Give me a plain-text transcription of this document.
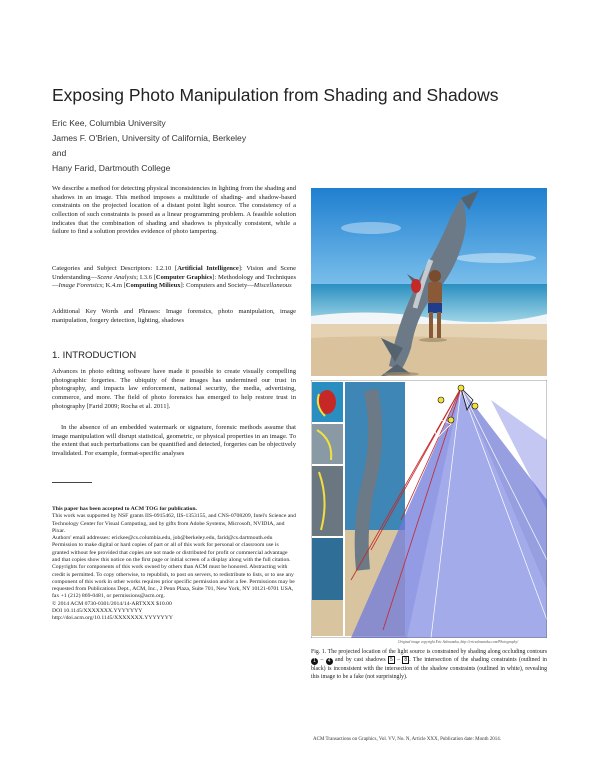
Exposing Photo Manipulation from Shading and Shadows
Eric Kee, Columbia University
James F. O'Brien, University of California, Berkeley
and
Hany Farid, Dartmouth College

We describe a method for detecting physical inconsistencies in lighting from the shading and shadows in an image. This method imposes a multitude of shading- and shadow-based constraints on the projected location of a distant point light source. The consistency of a collection of such constraints is posed as a linear programming problem. A feasible solution indicates that the combination of shading and shadows is physically consistent, while a failure to find a solution provides evidence of photo tampering.

Categories and Subject Descriptors: I.2.10 [Artificial Intelligence]: Vision and Scene Understanding—Scene Analysis; I.3.6 [Computer Graphics]: Methodology and Techniques—Image Forensics; K.4.m [Computing Milieux]: Computers and Society—Miscellaneous

Additional Key Words and Phrases: Image forensics, photo manipulation, image manipulation, forgery detection, lighting, shadows

1. INTRODUCTION

Advances in photo editing software have made it possible to create visually compelling photographic forgeries. The ubiquity of these images has undermined our trust in photography, and impacts law enforcement, national security, the media, advertising, commerce, and more. The field of photo forensics has emerged to help restore trust in photography [Farid 2009; Rocha et al. 2011].

In the absence of an embedded watermark or signature, forensic methods assume that image manipulation will disrupt statistical, geometric, or physical properties in an image. To the extent that such perturbations can be quantified and detected, forgeries can be objectively invalidated. For example, format-specific analyses

This paper has been accepted to ACM TOG for publication.
This work was supported by NSF grants IIS-0915462, IIS-1353155, and CNS-0708209, Intel's Science and Technology Center for Visual Computing, and by gifts from Adobe Systems, Microsoft, NVIDIA, and Pixar.
Authors' email addresses: erickee@cs.columbia.edu, job@berkeley.edu, farid@cs.dartmouth.edu
Permission to make digital or hard copies of part or all of this work for personal or classroom use is granted without fee provided that copies are not made or distributed for profit or commercial advantage and that copies show this notice on the first page or initial screen of a display along with the full citation. Copyrights for components of this work owned by others than ACM must be honored. Abstracting with credit is permitted. To copy otherwise, to republish, to post on servers, to redistribute to lists, or to use any component of this work in other works requires prior specific permission and/or a fee. Permissions may be requested from Publications Dept., ACM, Inc., 2 Penn Plaza, Suite 701, New York, NY 10121-0701 USA, fax +1 (212) 869-0481, or permissions@acm.org.
© 2014 ACM 0730-0301/2014/14-ARTXXX $10.00
DOI 10.1145/XXXXXXX.YYYYYYY
http://doi.acm.org/10.1145/XXXXXXX.YYYYYYY
Original image copyright Eric Salmanaku, http://ericsalmanaku.com/Photography/
Fig. 1. The projected location of the light source is constrained by shading along occluding contours 1 – 4 and by cast shadows 5 – 8 . The intersection of the shading constraints (outlined in black) is inconsistent with the intersection of the shadow constraints (outlined in white), revealing this image to be a fake (not surprisingly).
ACM Transactions on Graphics, Vol. VV, No. N, Article XXX, Publication date: Month 2014.
